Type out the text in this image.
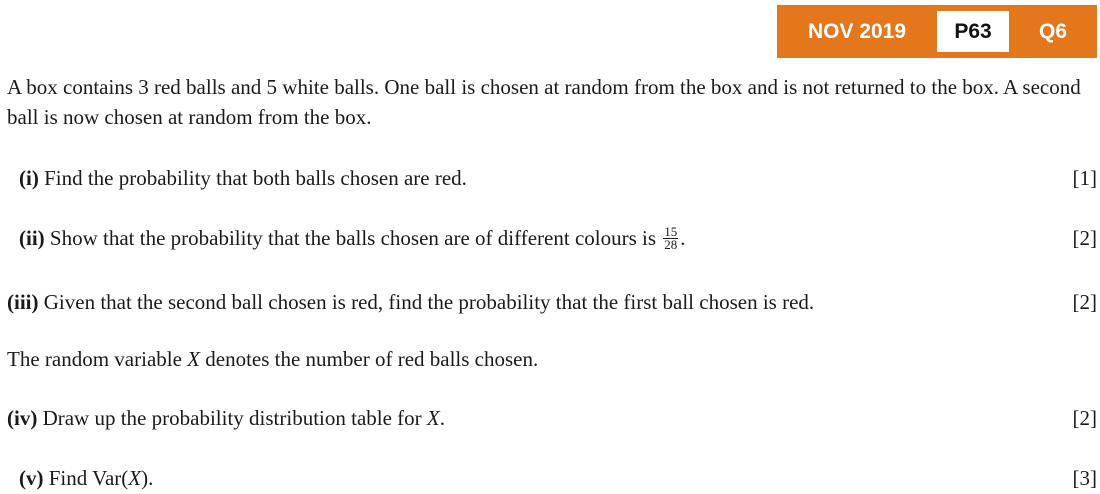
NOV 2019	P63	Q6
A box contains 3 red balls and 5 white balls. One ball is chosen at random from the box and is not returned to the box. A second ball is now chosen at random from the box.
(i) Find the probability that both balls chosen are red.	[1]
(ii) Show that the probability that the balls chosen are of different colours is $\frac{15}{28}$ .	[2]
(iii) Given that the second ball chosen is red, find the probability that the first ball chosen is red.	[2]
The random variable X denotes the number of red balls chosen.
(iv) Draw up the probability distribution table for X.	[2]
(v) Find Var(X).	[3]
